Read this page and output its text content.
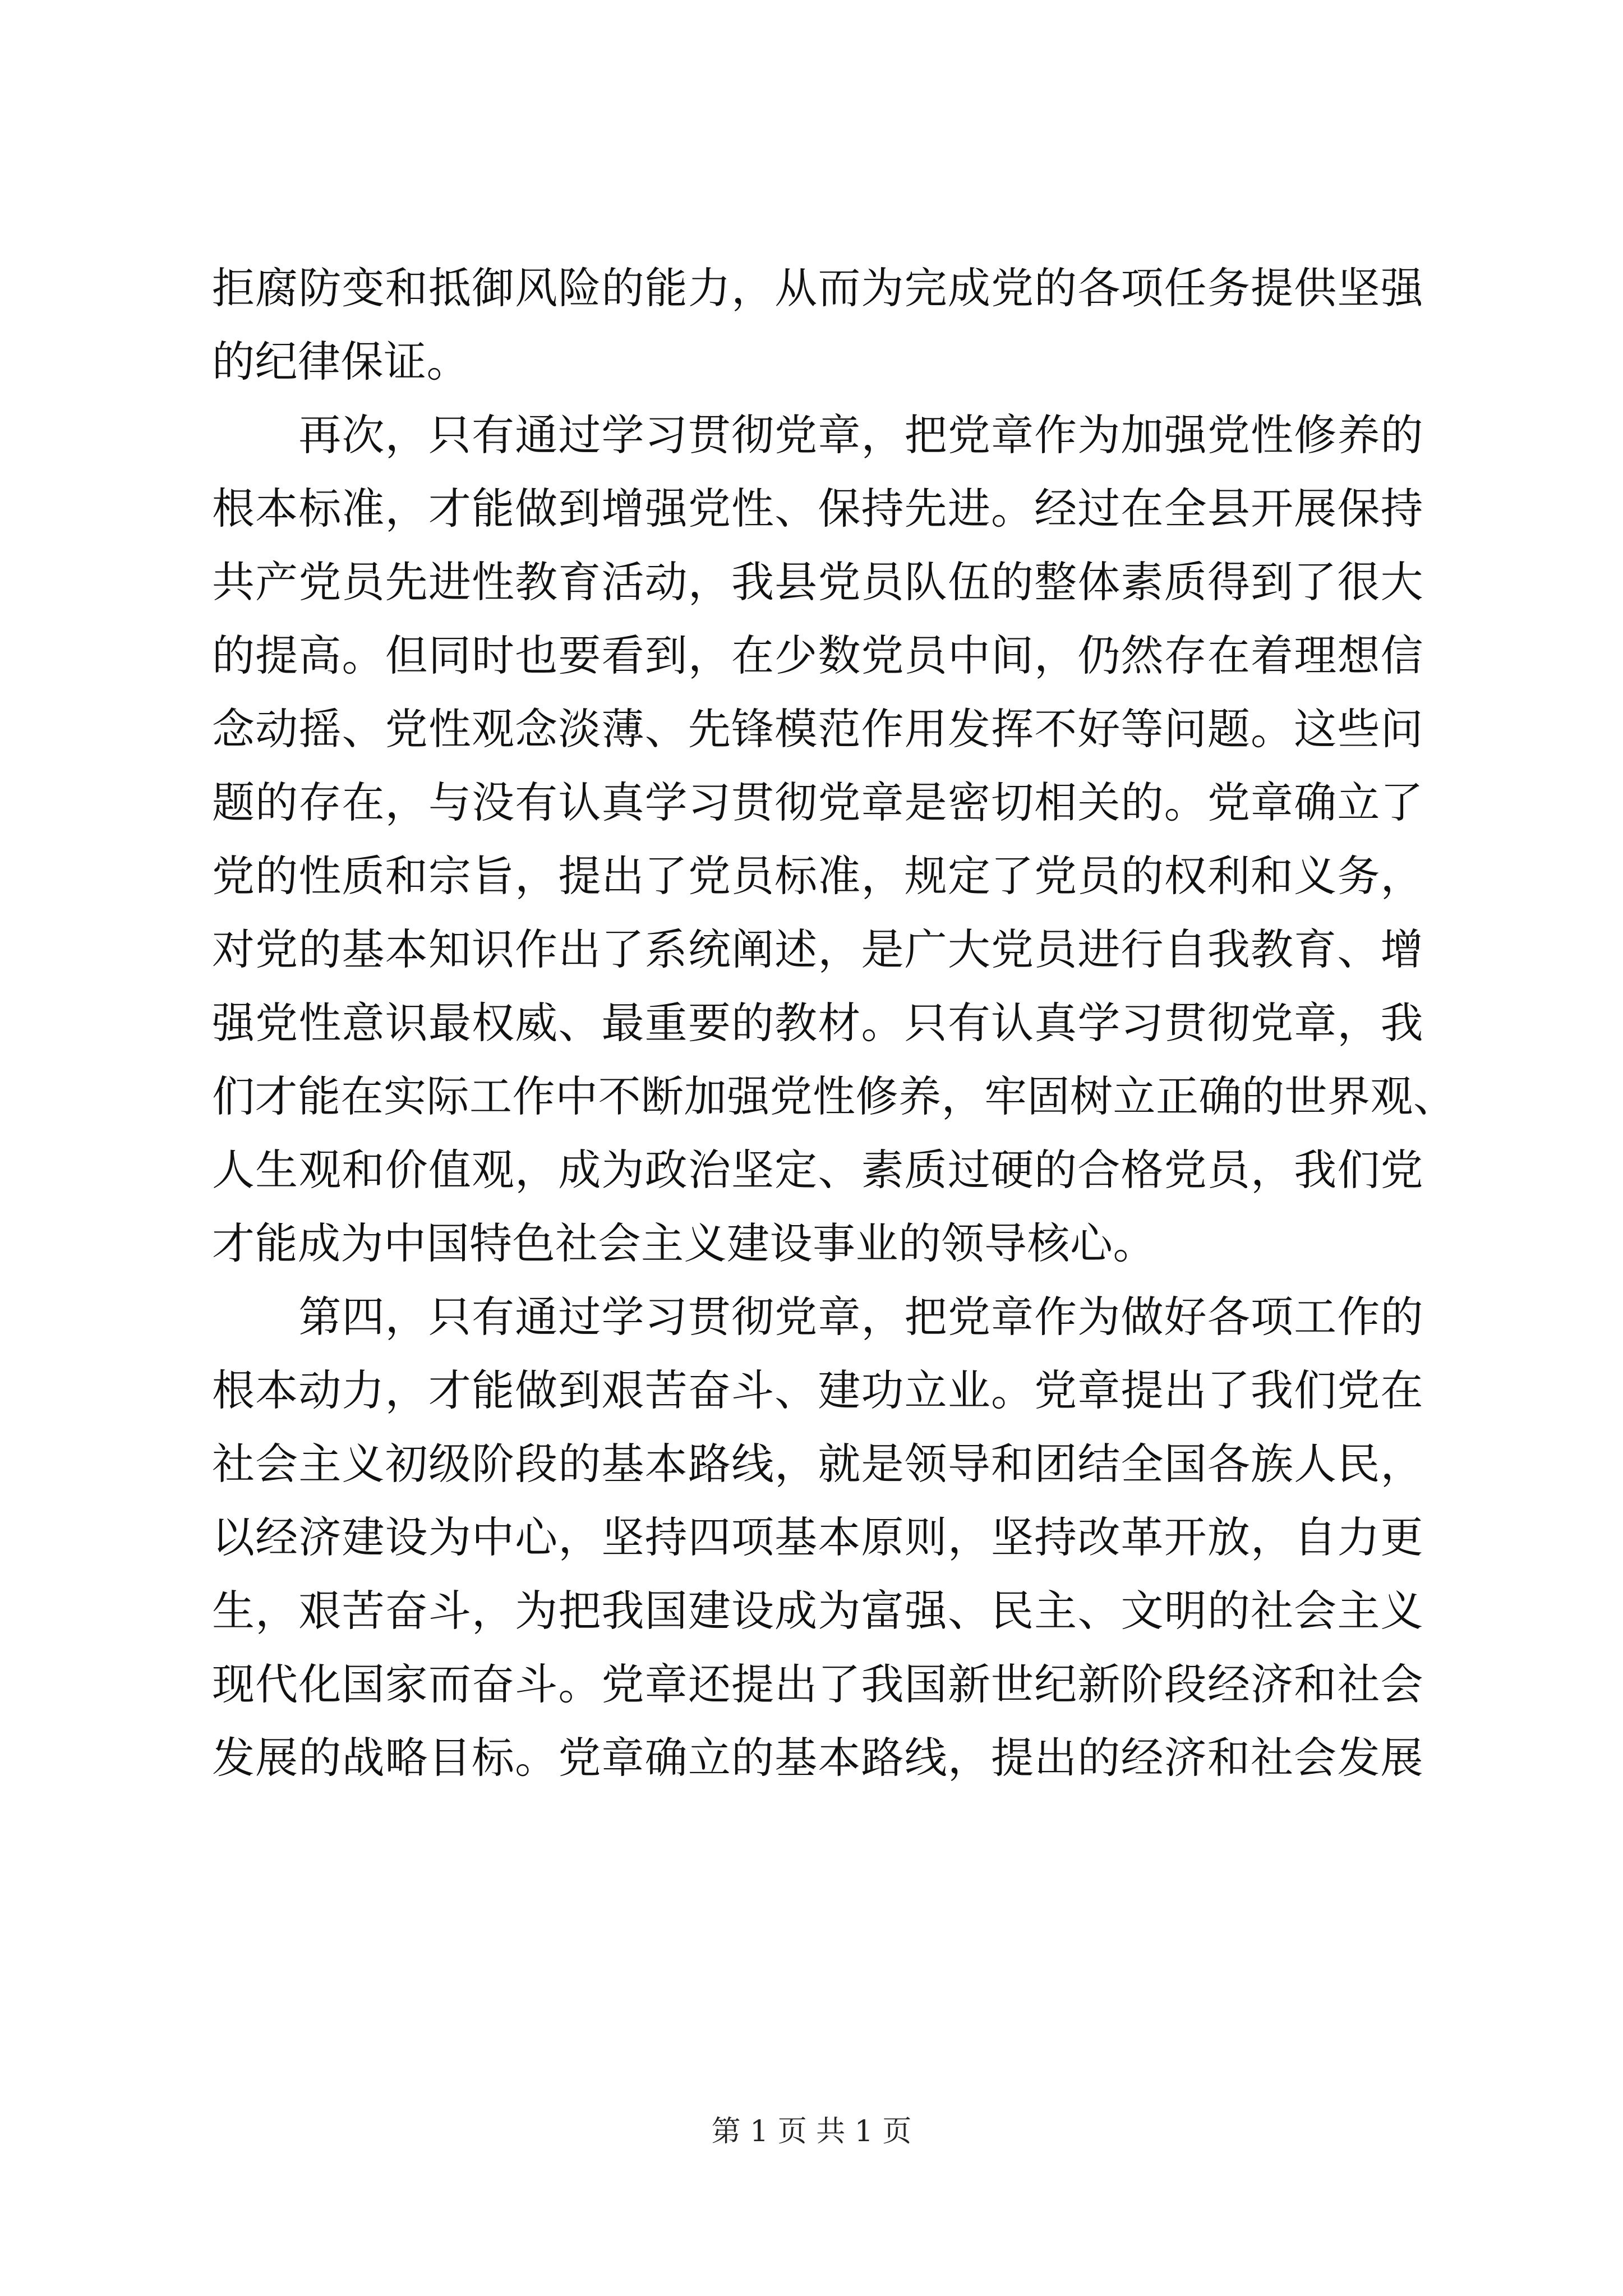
拒腐防变和抵御风险的能力，从而为完成党的各项任务提供坚强
的纪律保证。
　　再次，只有通过学习贯彻党章，把党章作为加强党性修养的
根本标准，才能做到增强党性、保持先进。经过在全县开展保持
共产党员先进性教育活动，我县党员队伍的整体素质得到了很大
的提高。但同时也要看到，在少数党员中间，仍然存在着理想信
念动摇、党性观念淡薄、先锋模范作用发挥不好等问题。这些问
题的存在，与没有认真学习贯彻党章是密切相关的。党章确立了
党的性质和宗旨，提出了党员标准，规定了党员的权利和义务，
对党的基本知识作出了系统阐述，是广大党员进行自我教育、增
强党性意识最权威、最重要的教材。只有认真学习贯彻党章，我
们才能在实际工作中不断加强党性修养，牢固树立正确的世界观、
人生观和价值观，成为政治坚定、素质过硬的合格党员，我们党
才能成为中国特色社会主义建设事业的领导核心。
　　第四，只有通过学习贯彻党章，把党章作为做好各项工作的
根本动力，才能做到艰苦奋斗、建功立业。党章提出了我们党在
社会主义初级阶段的基本路线，就是领导和团结全国各族人民，
以经济建设为中心，坚持四项基本原则，坚持改革开放，自力更
生，艰苦奋斗，为把我国建设成为富强、民主、文明的社会主义
现代化国家而奋斗。党章还提出了我国新世纪新阶段经济和社会
发展的战略目标。党章确立的基本路线，提出的经济和社会发展
第 1 页 共 1 页
